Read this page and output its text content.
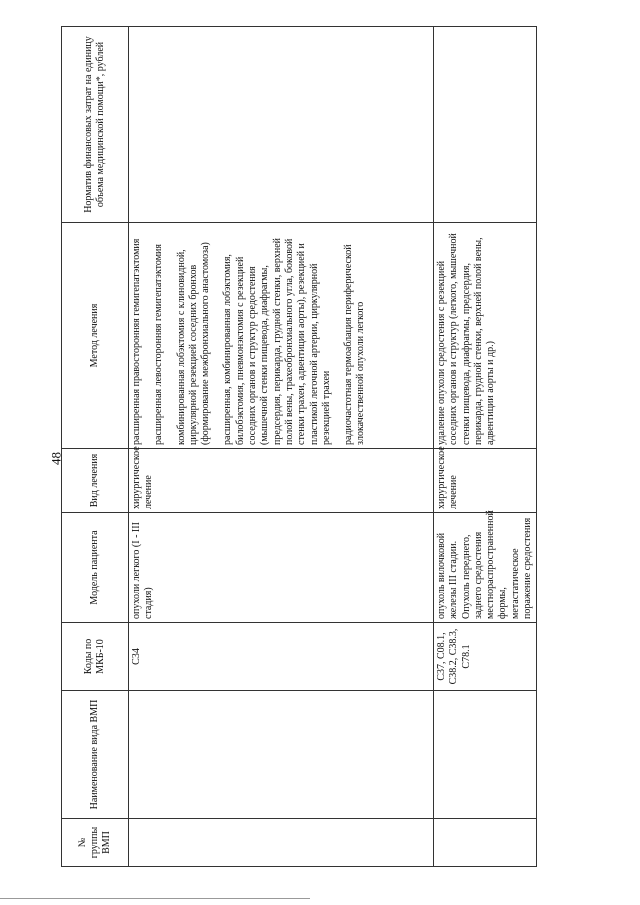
48
№ группы ВМП	Наименование вида ВМП	Коды по МКБ-10	Модель пациента	Вид лечения	Метод лечения	Норматив финансовых затрат на единицу объема медицинской помощи*, рублей
		C34	опухоли легкого (I - III стадия)	хирургическое лечение	расширенная правосторонняя гемигепатэктомия расширенная левосторонняя гемигепатэктомия комбинированная лобэктомия с клиновидной, циркулярной резекцией соседних бронхов (формирование межбронхиального анастомоза) расширенная, комбинированная лобэктомия, билобэктомия, пневмонэктомия с резекцией соседних органов и структур средостения (мышечной стенки пищевода, диафрагмы, предсердия, перикарда, грудной стенки, верхней полой вены, трахеобронхиального угла, боковой стенки трахеи, адвентиции аорты), резекцией и пластикой легочной артерии, циркулярной резекцией трахеи радиочастотная термоаблация периферической злокачественной опухоли легкого	

		C37, C08.1, C38.2, C38.3, C78.1	опухоль вилочковой железы III стадии. Опухоль переднего, заднего средостения местнораспространенной формы, метастатическое поражение средостения	хирургическое лечение	удаление опухоли средостения с резекцией соседних органов и структур (легкого, мышечной стенки пищевода, диафрагмы, предсердия, перикарда, грудной стенки, верхней полой вены, адвентиции аорты и др.)	
